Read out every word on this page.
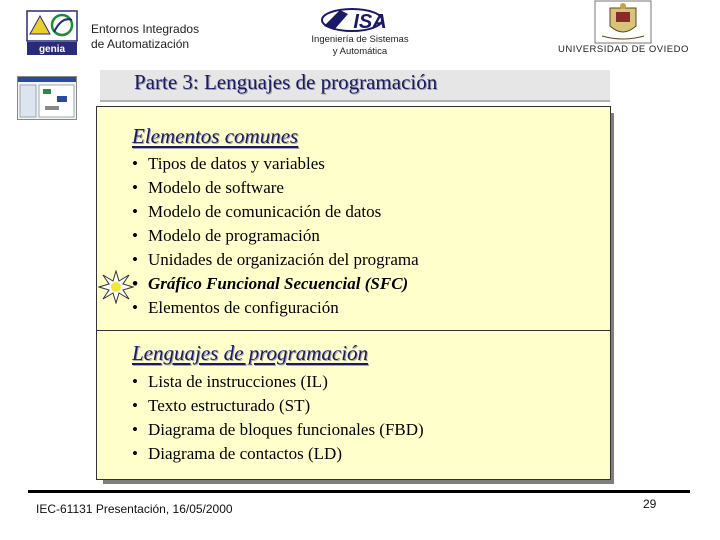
genia
Entornos Integrados
de Automatización
ISA
Ingeniería de Sistemas
y Automática	UNIVERSIDAD DE OVIEDO
Parte 3: Lenguajes de programación
Elementos comunes
• Tipos de datos y variables
• Modelo de software
• Modelo de comunicación de datos
• Modelo de programación
• Unidades de organización del programa
• Gráfico Funcional Secuencial (SFC)
• Elementos de configuración
Lenguajes de programación
• Lista de instrucciones (IL)
• Texto estructurado (ST)
• Diagrama de bloques funcionales (FBD)
• Diagrama de contactos (LD)
IEC-61131 Presentación, 16/05/2000	29
